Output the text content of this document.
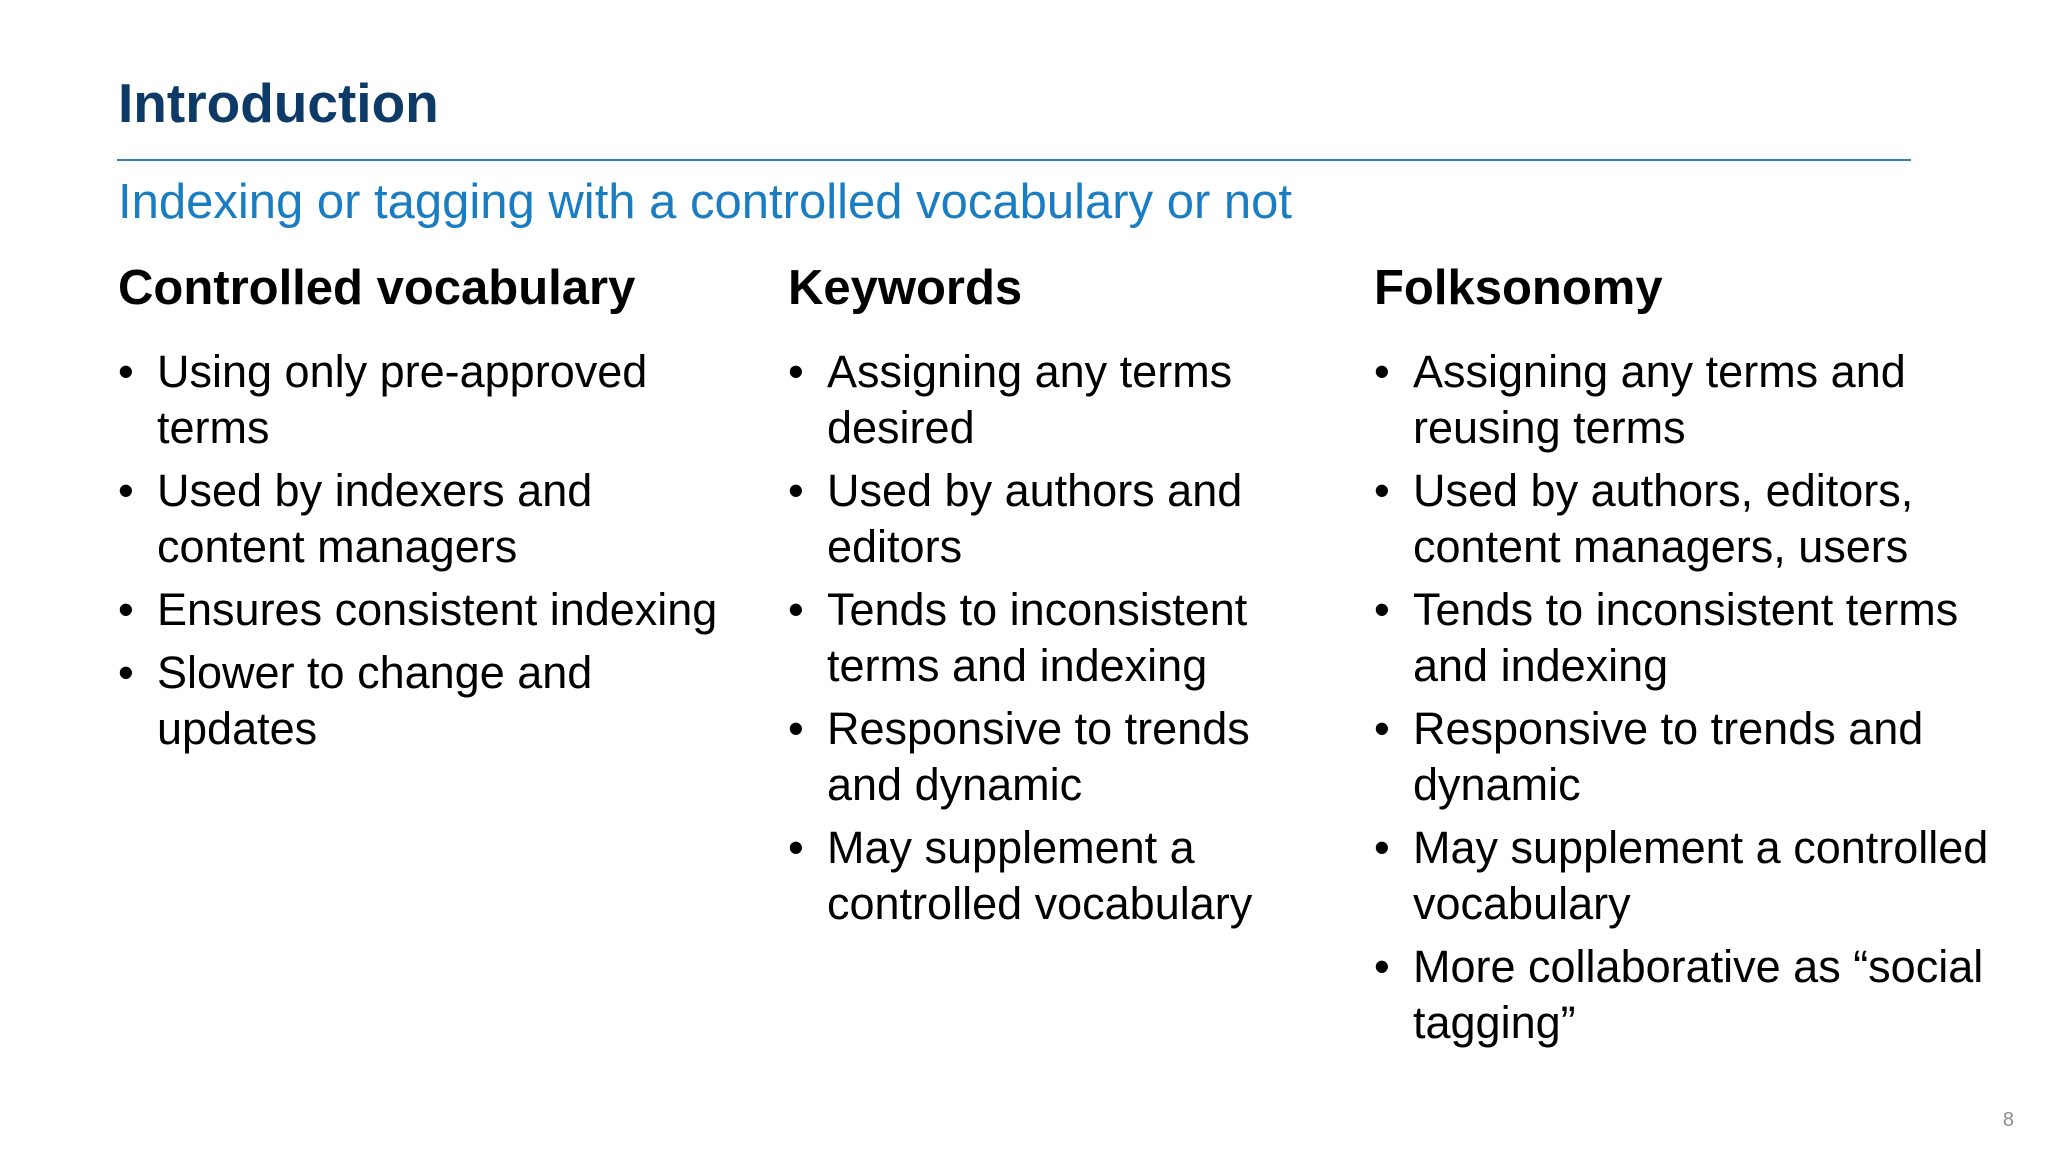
Introduction
Indexing or tagging with a controlled vocabulary or not
Controlled vocabulary
• Using only pre-approved terms
• Used by indexers and content managers
• Ensures consistent indexing
• Slower to change and updates
Keywords
• Assigning any terms desired
• Used by authors and editors
• Tends to inconsistent terms and indexing
• Responsive to trends and dynamic
• May supplement a controlled vocabulary
Folksonomy
• Assigning any terms and reusing terms
• Used by authors, editors, content managers, users
• Tends to inconsistent terms and indexing
• Responsive to trends and dynamic
• May supplement a controlled vocabulary
• More collaborative as “social tagging”
8
